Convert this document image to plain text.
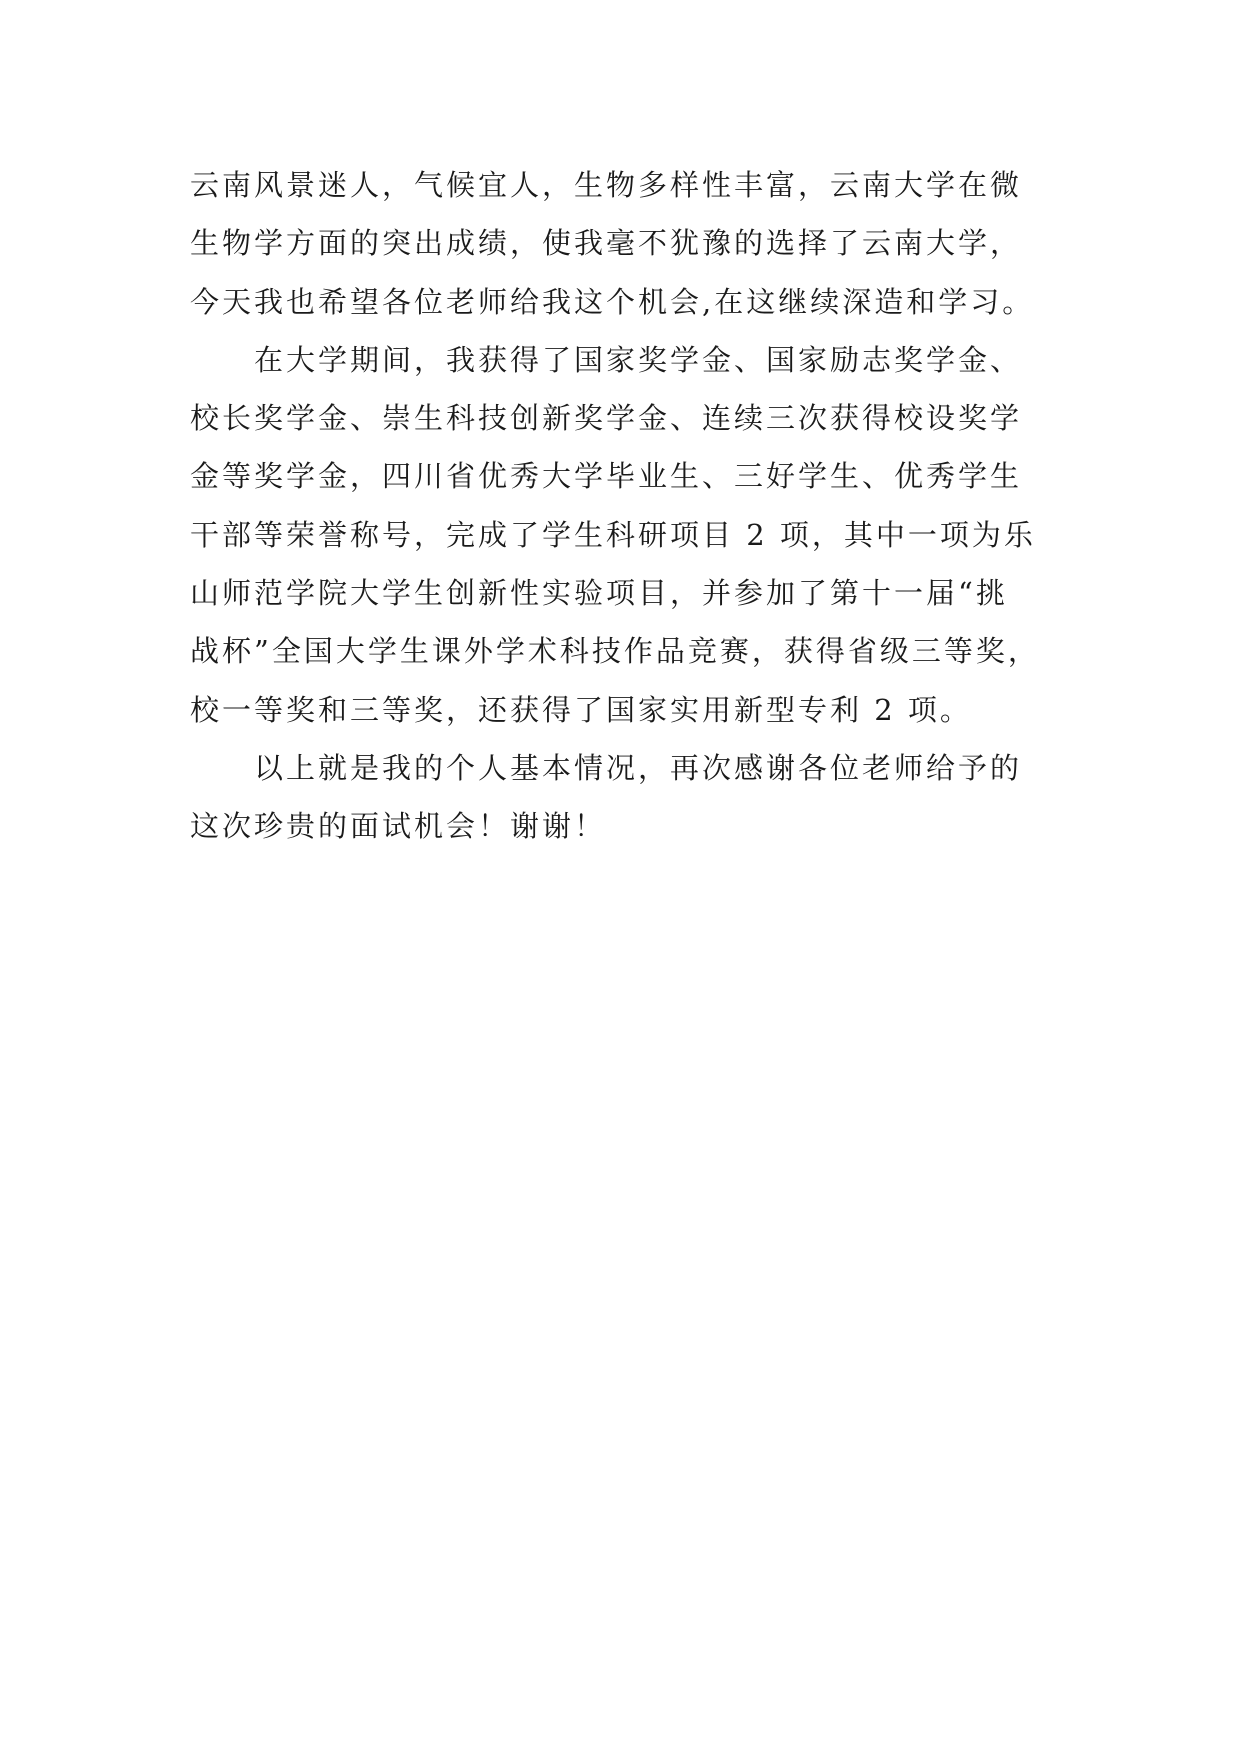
云南风景迷人，气候宜人，生物多样性丰富，云南大学在微
生物学方面的突出成绩，使我毫不犹豫的选择了云南大学，
今天我也希望各位老师给我这个机会,在这继续深造和学习。
在大学期间，我获得了国家奖学金、国家励志奖学金、
校长奖学金、崇生科技创新奖学金、连续三次获得校设奖学
金等奖学金，四川省优秀大学毕业生、三好学生、优秀学生
干部等荣誉称号，完成了学生科研项目 2 项，其中一项为乐
山师范学院大学生创新性实验项目，并参加了第十一届“挑
战杯”全国大学生课外学术科技作品竞赛，获得省级三等奖，
校一等奖和三等奖，还获得了国家实用新型专利 2 项。
以上就是我的个人基本情况，再次感谢各位老师给予的
这次珍贵的面试机会！谢谢！
